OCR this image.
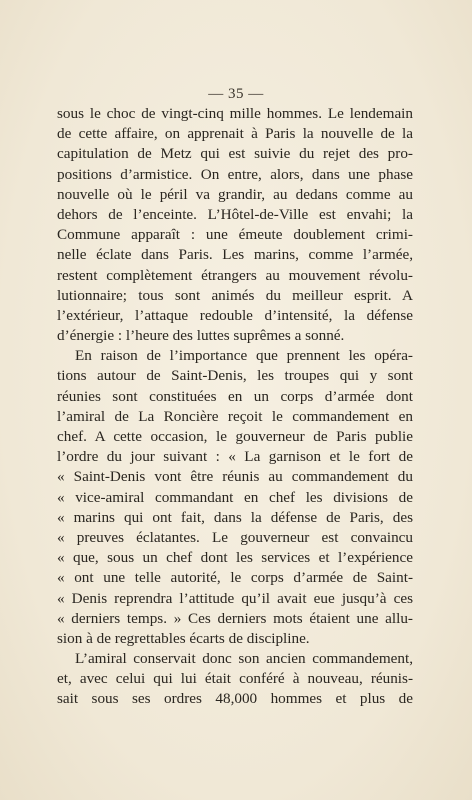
— 35 —
sous le choc de vingt-cinq mille hommes. Le lendemain
de cette affaire, on apprenait à Paris la nouvelle de la
capitulation de Metz qui est suivie du rejet des pro-
positions d’armistice. On entre, alors, dans une phase
nouvelle où le péril va grandir, au dedans comme au
dehors de l’enceinte. L’Hôtel-de-Ville est envahi; la
Commune apparaît : une émeute doublement crimi-
nelle éclate dans Paris. Les marins, comme l’armée,
restent complètement étrangers au mouvement révolu-
lutionnaire; tous sont animés du meilleur esprit. A
l’extérieur, l’attaque redouble d’intensité, la défense
d’énergie : l’heure des luttes suprêmes a sonné.
En raison de l’importance que prennent les opéra-
tions autour de Saint-Denis, les troupes qui y sont
réunies sont constituées en un corps d’armée dont
l’amiral de La Roncière reçoit le commandement en
chef. A cette occasion, le gouverneur de Paris publie
l’ordre du jour suivant : « La garnison et le fort de
« Saint-Denis vont être réunis au commandement du
« vice-amiral commandant en chef les divisions de
« marins qui ont fait, dans la défense de Paris, des
« preuves éclatantes. Le gouverneur est convaincu
« que, sous un chef dont les services et l’expérience
« ont une telle autorité, le corps d’armée de Saint-
« Denis reprendra l’attitude qu’il avait eue jusqu’à ces
« derniers temps. » Ces derniers mots étaient une allu-
sion à de regrettables écarts de discipline.
L’amiral conservait donc son ancien commandement,
et, avec celui qui lui était conféré à nouveau, réunis-
sait sous ses ordres 48,000 hommes et plus de
